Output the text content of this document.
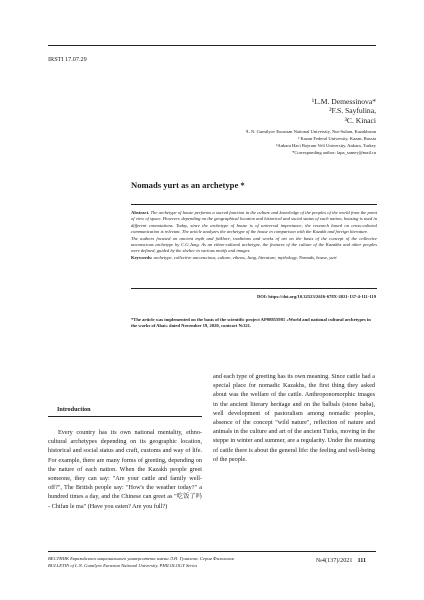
IRSTI 17.07.29
¹L.M. Demessinova*
²F.S. Sayfulina,
³C. Kinaci
¹L.N. Gumilyov Eurasian National University, Nur-Sultan, Kazakhstan
² Kazan Federal University, Kazan, Russia
³Ankara Haci Bayram Veli University, Ankara, Turkey
*Corresponding author: lapa_samey@mail.ru
Nomads yurt as an archetype *
Abstract. The archetype of house performs a sacred function in the culture and knowledge of the peoples of the world from the point of view of space. However, depending on the geographical location and historical and social status of each nation, housing is used in different connotations. Today, since the archetype of house is of universal importance, the research based on cross-cultural communication is relevant. The article analyzes the archetype of the house in comparison with the Kazakh and foreign literature.
The authors focused on ancient myth and folklore, traditions and works of art on the basis of the concept of the collective unconscious archetype by C.G.Jung. As an ethno-cultural archetype, the features of the culture of the Kazakhs and other peoples were defined, guided by the shelter in various motifs and images.
Keywords: archetype, collective unconscious, culture, ethnos, Jung, literature, mythology, Nomads, house, yurt
DOI: https://doi.org/10.32523/2616-678X-2021-137-4-111-119
*The article was implemented on the basis of the scientific project AP08855981 «World and national cultural archetypes in the works of Abai» dated November 19, 2020, contract №321.
Introduction
Every country has its own national mentality, ethno-cultural archetypes depending on its geographic location, historical and social status and craft, customs and way of life. For example, there are many forms of greeting, depending on the nature of each nation. When the Kazakh people greet someone, they can say: "Are your cattle and family well-off?", The British people say: "How's the weather today?" a hundred times a day, and the Chinese can greet as "吃饭了吗 - Chifan le ma" (Have you eaten? Are you full?)
and each type of greeting has its own meaning. Since cattle had a special place for nomadic Kazakhs, the first thing they asked about was the welfare of the cattle. Anthroponomorphic images in the ancient literary heritage and on the balbals (stone baba), well development of pastoralism among nomadic peoples, absence of the concept "wild nature", reflection of nature and animals in the culture and art of the ancient Turks, moving in the steppe in winter and summer, are a regularity. Under the meaning of cattle there is about the general life: the feeling and well-being of the people.
ВЕСТНИК Евразийского национального университета имени Л.Н. Гумилева. Серия Филология
BULLETIN of L.N. Gumilyov Eurasian National University. PHILOLOGY Series
№4(137)/2021 111
